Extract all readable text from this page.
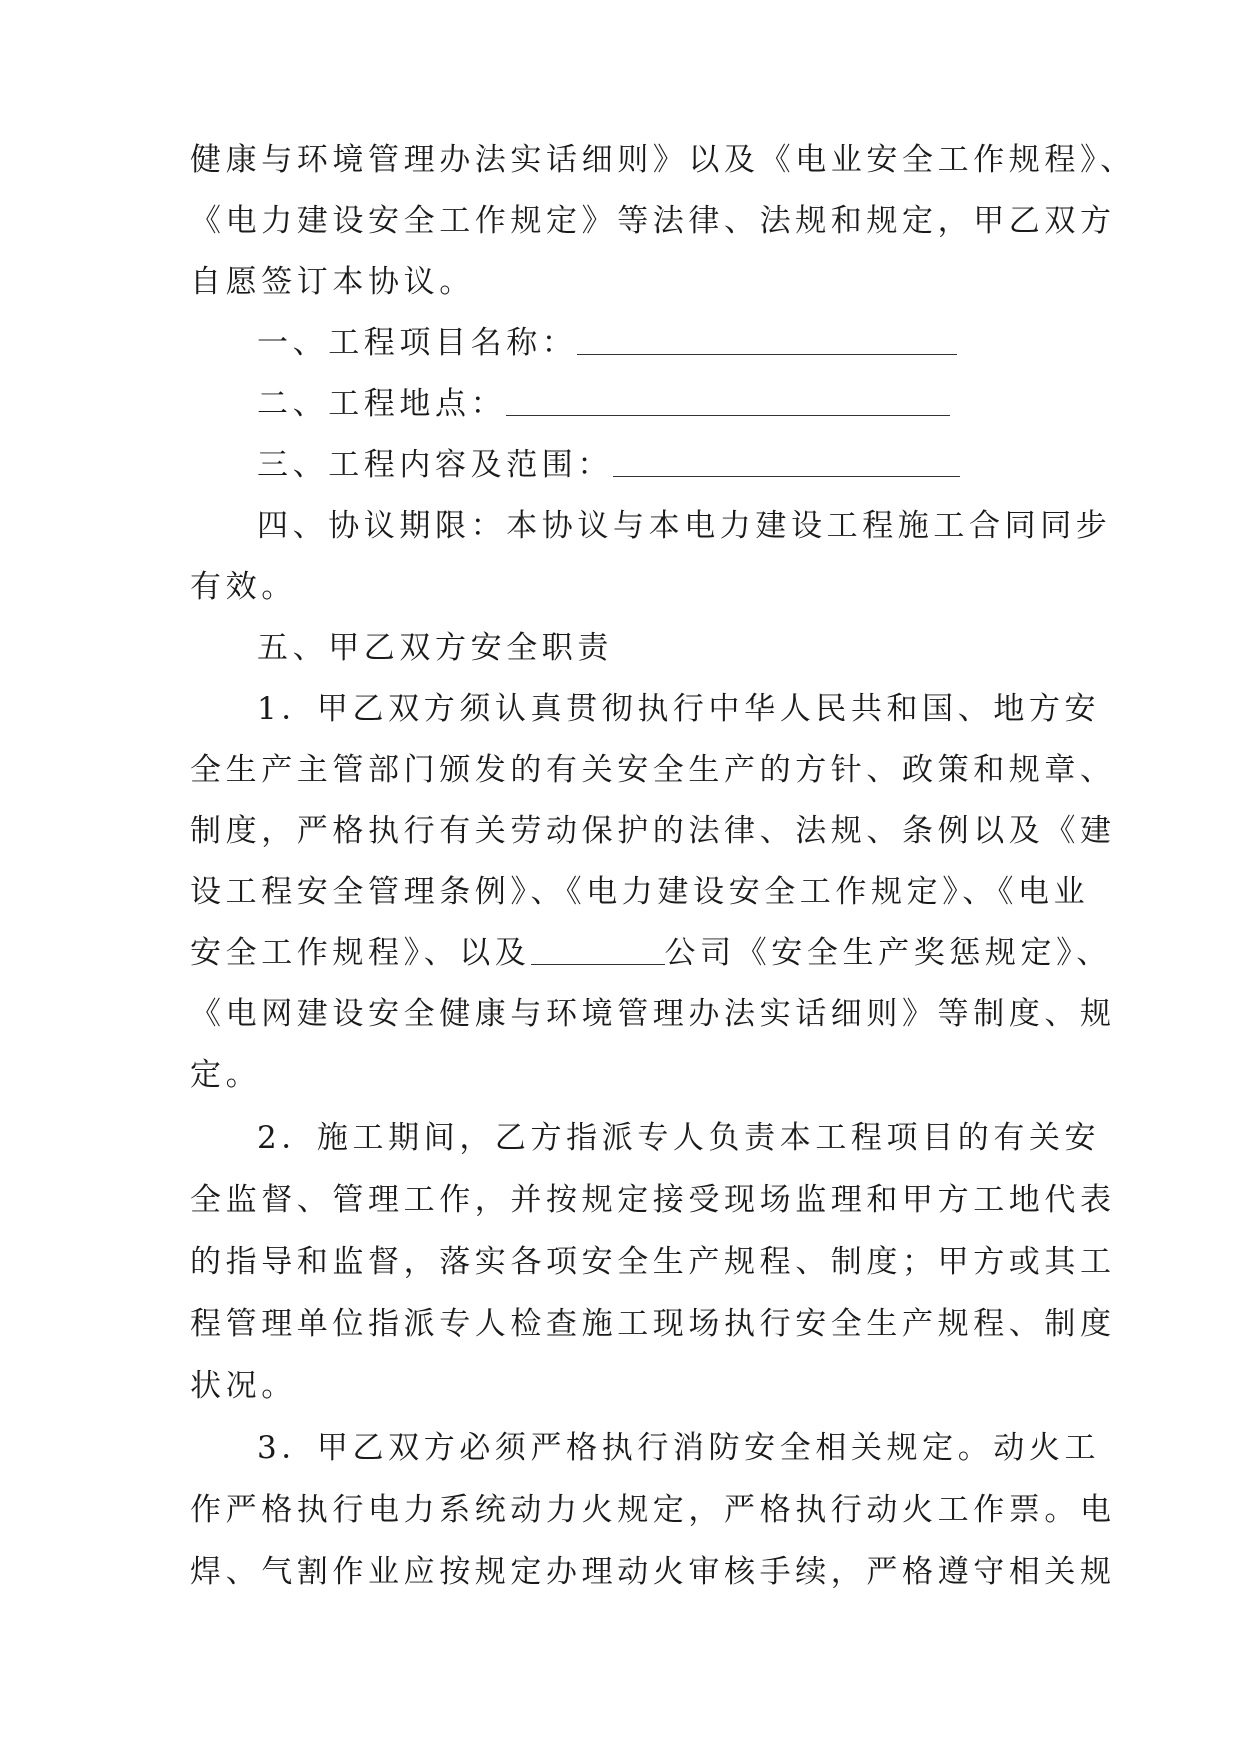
健康与环境管理办法实话细则》以及《电业安全工作规程》、
《电力建设安全工作规定》等法律、法规和规定，甲乙双方
自愿签订本协议。
一、工程项目名称：
二、工程地点：
三、工程内容及范围：
四、协议期限：本协议与本电力建设工程施工合同同步
有效。
五、甲乙双方安全职责
1．甲乙双方须认真贯彻执行中华人民共和国、地方安
全生产主管部门颁发的有关安全生产的方针、政策和规章、
制度，严格执行有关劳动保护的法律、法规、条例以及《建
设工程安全管理条例》、《电力建设安全工作规定》、《电业
安全工作规程》、以及	公司《安全生产奖惩规定》、
《电网建设安全健康与环境管理办法实话细则》等制度、规
定。
2．施工期间，乙方指派专人负责本工程项目的有关安
全监督、管理工作，并按规定接受现场监理和甲方工地代表
的指导和监督，落实各项安全生产规程、制度；甲方或其工
程管理单位指派专人检查施工现场执行安全生产规程、制度
状况。
3．甲乙双方必须严格执行消防安全相关规定。动火工
作严格执行电力系统动力火规定，严格执行动火工作票。电
焊、气割作业应按规定办理动火审核手续，严格遵守相关规
